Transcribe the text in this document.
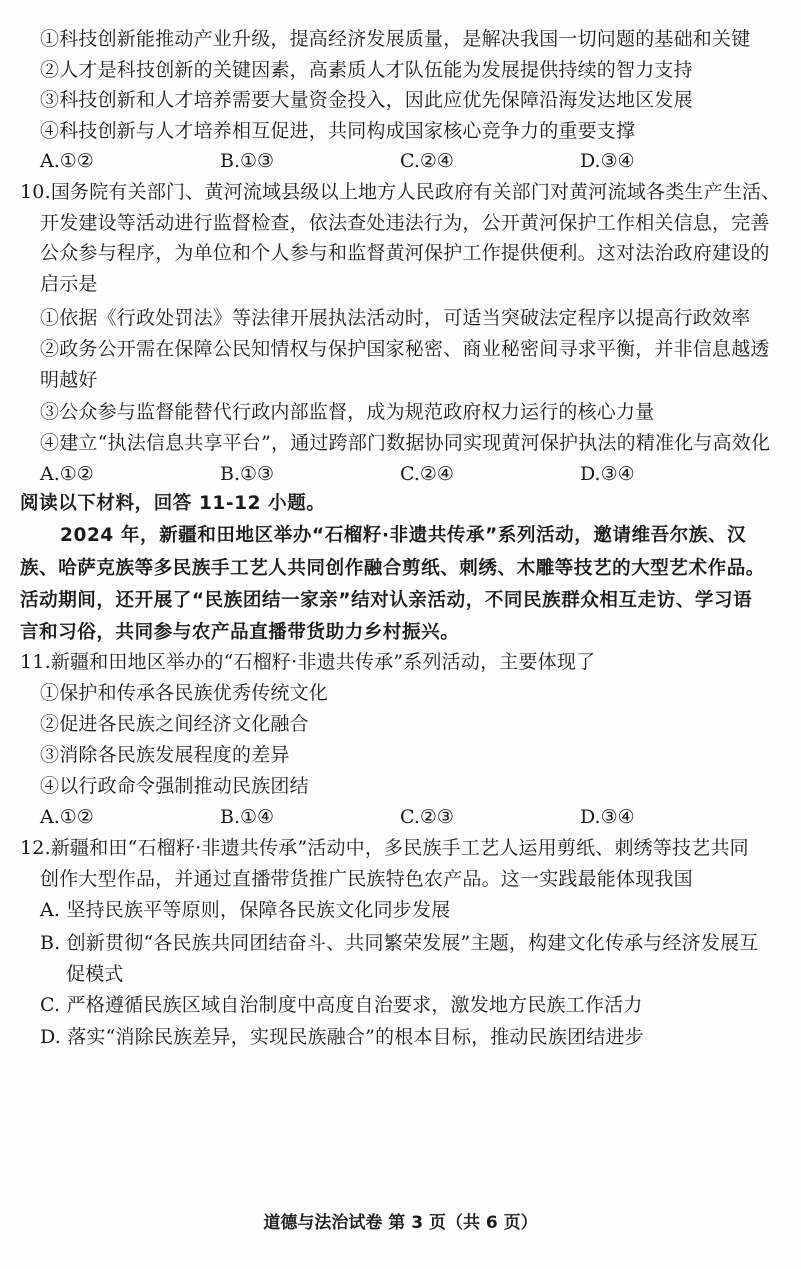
①科技创新能推动产业升级，提高经济发展质量，是解决我国一切问题的基础和关键
②人才是科技创新的关键因素，高素质人才队伍能为发展提供持续的智力支持
③科技创新和人才培养需要大量资金投入，因此应优先保障沿海发达地区发展
④科技创新与人才培养相互促进，共同构成国家核心竞争力的重要支撑
A.①②	B.①③	C.②④	D.③④
10.国务院有关部门、黄河流域县级以上地方人民政府有关部门对黄河流域各类生产生活、
开发建设等活动进行监督检查，依法查处违法行为，公开黄河保护工作相关信息，完善
公众参与程序，为单位和个人参与和监督黄河保护工作提供便利。这对法治政府建设的
启示是
①依据《行政处罚法》等法律开展执法活动时，可适当突破法定程序以提高行政效率
②政务公开需在保障公民知情权与保护国家秘密、商业秘密间寻求平衡，并非信息越透
明越好
③公众参与监督能替代行政内部监督，成为规范政府权力运行的核心力量
④建立“执法信息共享平台”，通过跨部门数据协同实现黄河保护执法的精准化与高效化
A.①②	B.①③	C.②④	D.③④
阅读以下材料，回答 11-12 小题。
2024 年，新疆和田地区举办“石榴籽·非遗共传承”系列活动，邀请维吾尔族、汉
族、哈萨克族等多民族手工艺人共同创作融合剪纸、刺绣、木雕等技艺的大型艺术作品。
活动期间，还开展了“民族团结一家亲”结对认亲活动，不同民族群众相互走访、学习语
言和习俗，共同参与农产品直播带货助力乡村振兴。
11.新疆和田地区举办的“石榴籽·非遗共传承”系列活动，主要体现了
①保护和传承各民族优秀传统文化
②促进各民族之间经济文化融合
③消除各民族发展程度的差异
④以行政命令强制推动民族团结
A.①②	B.①④	C.②③	D.③④
12.新疆和田“石榴籽·非遗共传承”活动中，多民族手工艺人运用剪纸、刺绣等技艺共同
创作大型作品，并通过直播带货推广民族特色农产品。这一实践最能体现我国
A. 坚持民族平等原则，保障各民族文化同步发展
B. 创新贯彻“各民族共同团结奋斗、共同繁荣发展”主题，构建文化传承与经济发展互
促模式
C. 严格遵循民族区域自治制度中高度自治要求，激发地方民族工作活力
D. 落实“消除民族差异，实现民族融合”的根本目标，推动民族团结进步
道德与法治试卷 第 3 页（共 6 页）
